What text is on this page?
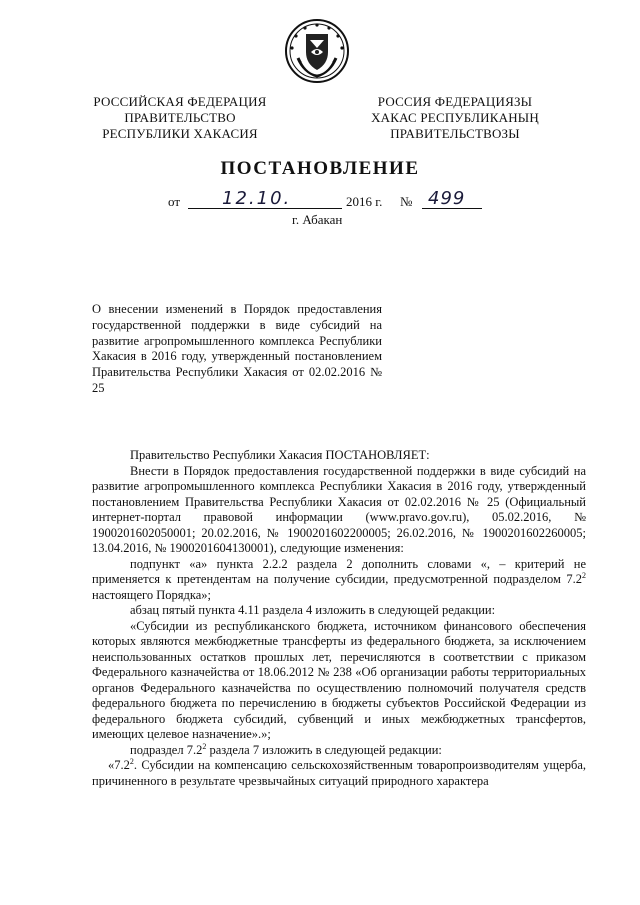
РОССИЙСКАЯ ФЕДЕРАЦИЯ
ПРАВИТЕЛЬСТВО
РЕСПУБЛИКИ ХАКАСИЯ
РОССИЯ ФЕДЕРАЦИЯЗЫ
ХАКАС РЕСПУБЛИКАНЫҢ
ПРАВИТЕЛЬСТВОЗЫ
ПОСТАНОВЛЕНИЕ
от 12.10.	2016 г. № 499
г. Абакан

О внесении изменений в Порядок предоставления государственной поддержки в виде субсидий на развитие агропромышленного комплекса Республики Хакасия в 2016 году, утвержденный постановлением Правительства Республики Хакасия от 02.02.2016 № 25

Правительство Республики Хакасия ПОСТАНОВЛЯЕТ:

Внести в Порядок предоставления государственной поддержки в виде субсидий на развитие агропромышленного комплекса Республики Хакасия в 2016 году, утвержденный постановлением Правительства Республики Хакасия от 02.02.2016 № 25 (Официальный интернет-портал правовой информации (www.pravo.gov.ru), 05.02.2016, № 1900201602050001; 20.02.2016, № 1900201602200005; 26.02.2016, № 1900201602260005; 13.04.2016, № 1900201604130001), следующие изменения:

подпункт «а» пункта 2.2.2 раздела 2 дополнить словами «, – критерий не применяется к претендентам на получение субсидии, предусмотренной подразделом $7.2^2$ настоящего Порядка»;

абзац пятый пункта 4.11 раздела 4 изложить в следующей редакции:

«Субсидии из республиканского бюджета, источником финансового обеспечения которых являются межбюджетные трансферты из федерального бюджета, за исключением неиспользованных остатков прошлых лет, перечисляются в соответствии с приказом Федерального казначейства от 18.06.2012 № 238 «Об организации работы территориальных органов Федерального казначейства по осуществлению полномочий получателя средств федерального бюджета по перечислению в бюджеты субъектов Российской Федерации из федерального бюджета субсидий, субвенций и иных межбюджетных трансфертов, имеющих целевое назначение».»;

подраздел $7.2^2$ раздела 7 изложить в следующей редакции:

«$7.2^2$. Субсидии на компенсацию сельскохозяйственным товаропроизводителям ущерба, причиненного в результате чрезвычайных ситуаций природного характера
